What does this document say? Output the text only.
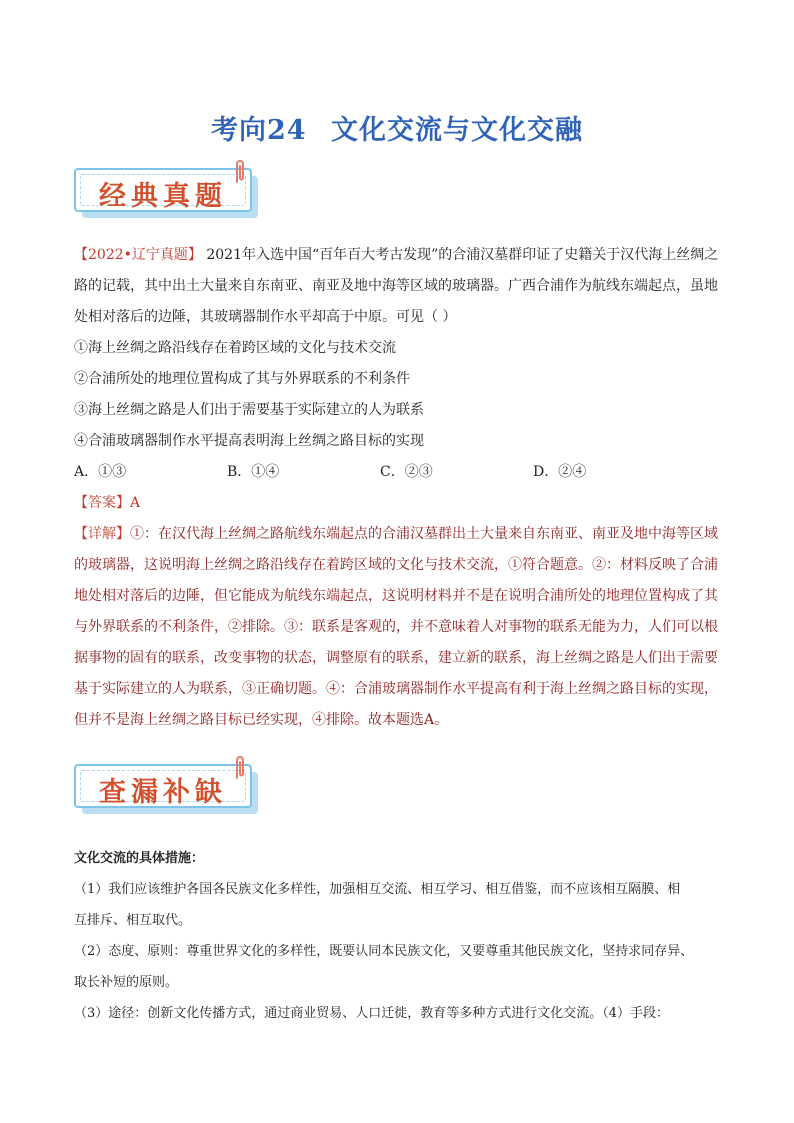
考向24 文化交流与文化交融
经典真题

【2022•辽宁真题】 2021年入选中国“百年百大考古发现”的合浦汉墓群印证了史籍关于汉代海上丝绸之

路的记载，其中出土大量来自东南亚、南亚及地中海等区域的玻璃器。广西合浦作为航线东端起点，虽地

处相对落后的边陲，其玻璃器制作水平却高于中原。可见（ ）

①海上丝绸之路沿线存在着跨区域的文化与技术交流

②合浦所处的地理位置构成了其与外界联系的不利条件

③海上丝绸之路是人们出于需要基于实际建立的人为联系

④合浦玻璃器制作水平提高表明海上丝绸之路目标的实现

A．①③	B．①④	C．②③	D．②④

【答案】A

【详解】①：在汉代海上丝绸之路航线东端起点的合浦汉墓群出土大量来自东南亚、南亚及地中海等区域

的玻璃器，这说明海上丝绸之路沿线存在着跨区域的文化与技术交流，①符合题意。②：材料反映了合浦

地处相对落后的边陲，但它能成为航线东端起点，这说明材料并不是在说明合浦所处的地理位置构成了其

与外界联系的不利条件，②排除。③：联系是客观的，并不意味着人对事物的联系无能为力，人们可以根

据事物的固有的联系，改变事物的状态，调整原有的联系，建立新的联系，海上丝绸之路是人们出于需要

基于实际建立的人为联系，③正确切题。④：合浦玻璃器制作水平提高有利于海上丝绸之路目标的实现，

但并不是海上丝绸之路目标已经实现，④排除。故本题选A。

查漏补缺

文化交流的具体措施：

（1）我们应该维护各国各民族文化多样性，加强相互交流、相互学习、相互借鉴，而不应该相互隔膜、相

互排斥、相互取代。

（2）态度、原则：尊重世界文化的多样性，既要认同本民族文化，又要尊重其他民族文化，坚持求同存异、

取长补短的原则。

（3）途径：创新文化传播方式，通过商业贸易、人口迁徙，教育等多种方式进行文化交流。（4）手段：
